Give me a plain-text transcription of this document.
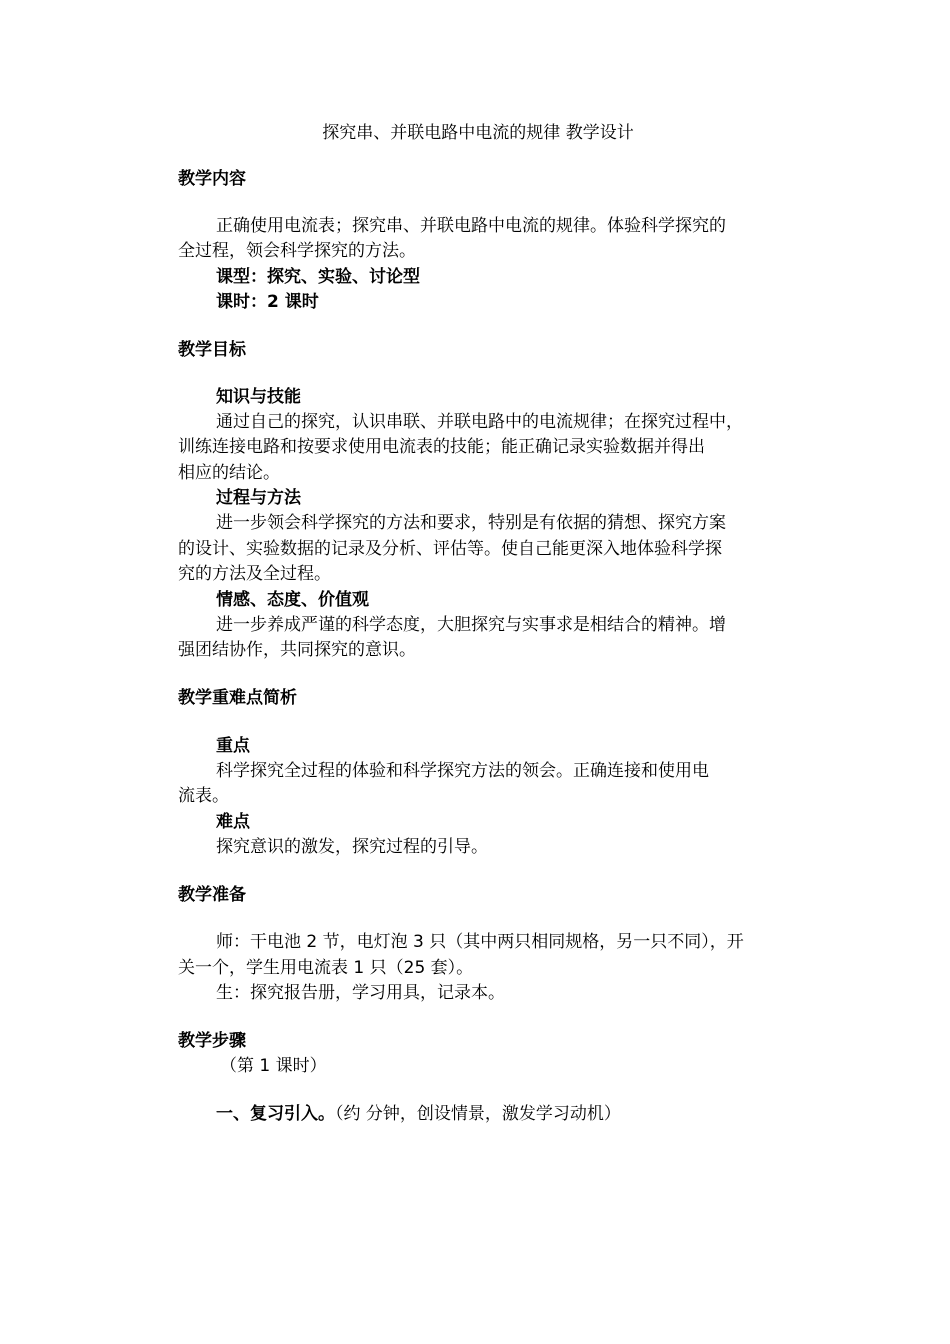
探究串、并联电路中电流的规律 教学设计
教学内容
正确使用电流表；探究串、并联电路中电流的规律。体验科学探究的
全过程，领会科学探究的方法。
课型：探究、实验、讨论型
课时：2 课时
教学目标
知识与技能
通过自己的探究，认识串联、并联电路中的电流规律；在探究过程中，
训练连接电路和按要求使用电流表的技能；能正确记录实验数据并得出
相应的结论。
过程与方法
进一步领会科学探究的方法和要求，特别是有依据的猜想、探究方案
的设计、实验数据的记录及分析、评估等。使自己能更深入地体验科学探
究的方法及全过程。
情感、态度、价值观
进一步养成严谨的科学态度，大胆探究与实事求是相结合的精神。增
强团结协作，共同探究的意识。
教学重难点简析
重点
科学探究全过程的体验和科学探究方法的领会。正确连接和使用电
流表。
难点
探究意识的激发，探究过程的引导。
教学准备
师：干电池 2 节，电灯泡 3 只（其中两只相同规格，另一只不同），开
关一个，学生用电流表 1 只（25 套）。
生：探究报告册，学习用具，记录本。
教学步骤
（第 1 课时）
一、复习引入。（约 分钟，创设情景，激发学习动机）
